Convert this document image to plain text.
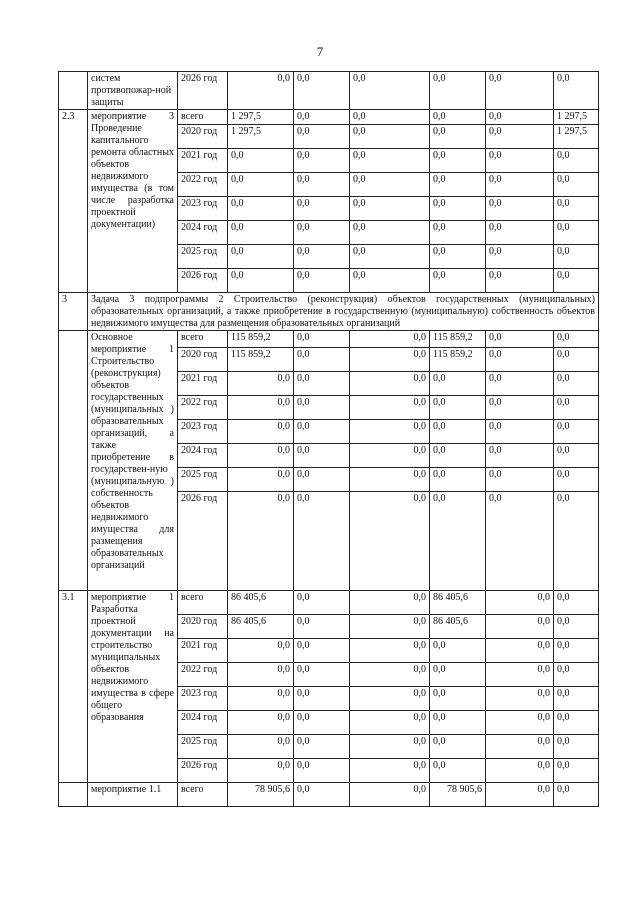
7
	систем противопожар-ной защиты	2026 год	0,0	0,0	0,0	0,0	0,0	0,0
2.3	мероприятие 3 Проведение капитального ремонта областных объектов недвижимого имущества (в том числе разработка проектной документации)	всего	1 297,5	0,0	0,0	0,0	0,0	1 297,5
		2020 год	1 297,5	0,0	0,0	0,0	0,0	1 297,5
		2021 год	0,0	0,0	0,0	0,0	0,0	0,0
		2022 год	0,0	0,0	0,0	0,0	0,0	0,0
		2023 год	0,0	0,0	0,0	0,0	0,0	0,0
		2024 год	0,0	0,0	0,0	0,0	0,0	0,0
		2025 год	0,0	0,0	0,0	0,0	0,0	0,0
		2026 год	0,0	0,0	0,0	0,0	0,0	0,0
3	Задача 3 подпрограммы 2 Строительство (реконструкция) объектов государственных (муниципальных) образовательных организаций, а также приобретение в государственную (муниципальную) собственность объектов недвижимого имущества для размещения образовательных организаций							
	Основное мероприятие 1 Строительство (реконструкция) объектов государственных (муниципальных ) образовательных организаций, а также приобретение в государствен-ную (муниципальную ) собственность объектов недвижимого имущества для размещения образовательных организаций	всего	115 859,2	0,0	0,0	115 859,2	0,0	0,0
		2020 год	115 859,2	0,0	0,0	115 859,2	0,0	0,0
		2021 год	0,0	0,0	0,0	0,0	0,0	0,0
		2022 год	0,0	0,0	0,0	0,0	0,0	0,0
		2023 год	0,0	0,0	0,0	0,0	0,0	0,0
		2024 год	0,0	0,0	0,0	0,0	0,0	0,0
		2025 год	0,0	0,0	0,0	0,0	0,0	0,0
		2026 год	0,0	0,0	0,0	0,0	0,0	0,0
3.1	мероприятие 1 Разработка проектной документации на строительство муниципальных объектов недвижимого имущества в сфере общего образования	всего	86 405,6	0,0	0,0	86 405,6	0,0	0,0
		2020 год	86 405,6	0,0	0,0	86 405,6	0,0	0,0
		2021 год	0,0	0,0	0,0	0,0	0,0	0,0
		2022 год	0,0	0,0	0,0	0,0	0,0	0,0
		2023 год	0,0	0,0	0,0	0,0	0,0	0,0
		2024 год	0,0	0,0	0,0	0,0	0,0	0,0
		2025 год	0,0	0,0	0,0	0,0	0,0	0,0
		2026 год	0,0	0,0	0,0	0,0	0,0	0,0
	мероприятие 1.1	всего	78 905,6	0,0	0,0	78 905,6	0,0	0,0
